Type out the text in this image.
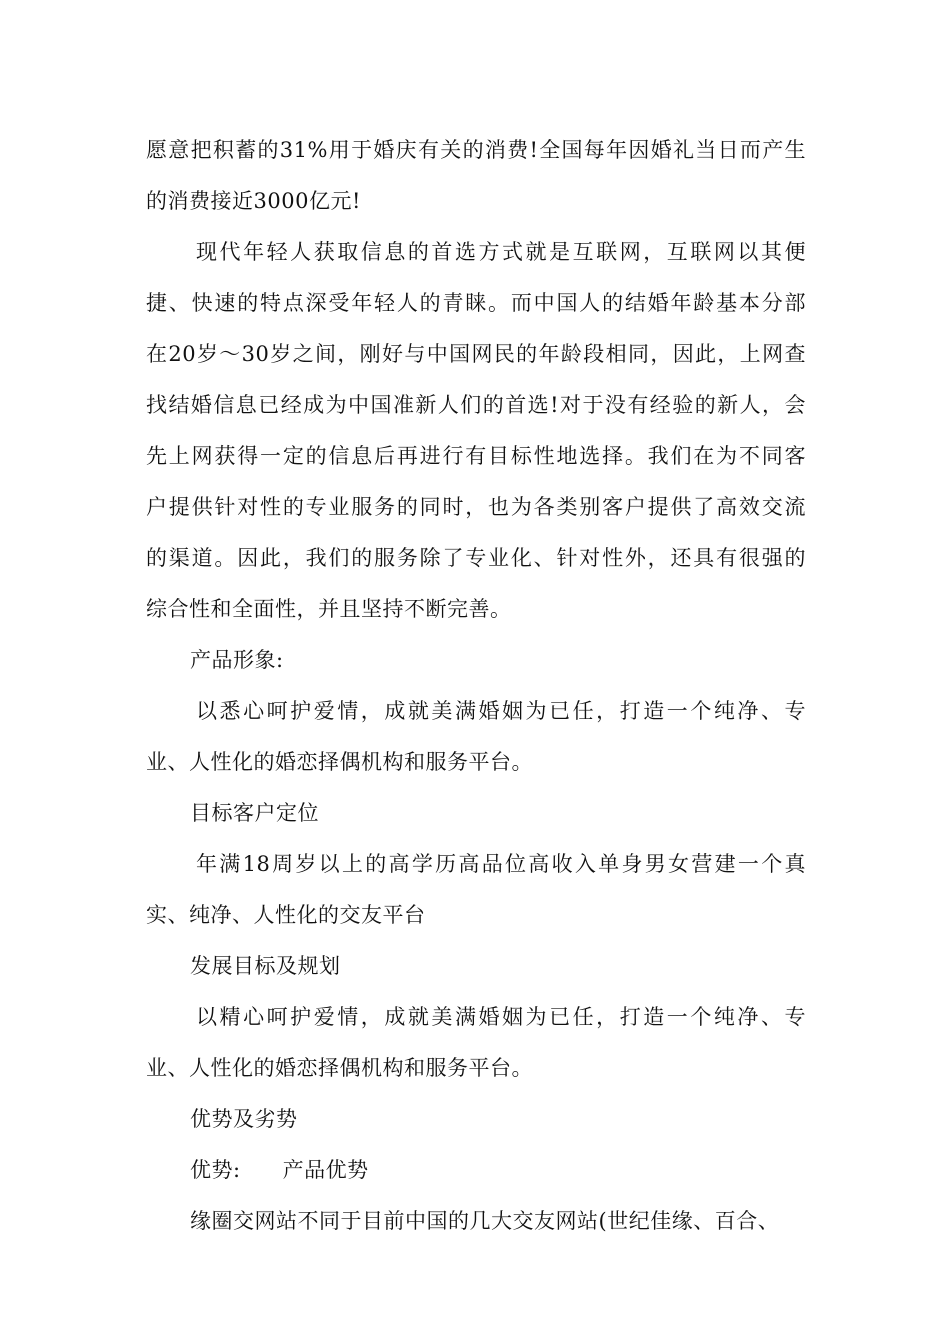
愿意把积蓄的31%用于婚庆有关的消费!全国每年因婚礼当日而产生
的消费接近3000亿元!
现代年轻人获取信息的首选方式就是互联网，互联网以其便
捷、快速的特点深受年轻人的青睐。而中国人的结婚年龄基本分部
在20岁～30岁之间，刚好与中国网民的年龄段相同，因此，上网查
找结婚信息已经成为中国准新人们的首选!对于没有经验的新人，会
先上网获得一定的信息后再进行有目标性地选择。我们在为不同客
户提供针对性的专业服务的同时，也为各类别客户提供了高效交流
的渠道。因此，我们的服务除了专业化、针对性外，还具有很强的
综合性和全面性，并且坚持不断完善。
产品形象:
以悉心呵护爱情，成就美满婚姻为已任，打造一个纯净、专
业、人性化的婚恋择偶机构和服务平台。
目标客户定位
年满18周岁以上的高学历高品位高收入单身男女营建一个真
实、纯净、人性化的交友平台
发展目标及规划
以精心呵护爱情，成就美满婚姻为已任，打造一个纯净、专
业、人性化的婚恋择偶机构和服务平台。
优势及劣势
优势: 产品优势
缘圈交网站不同于目前中国的几大交友网站(世纪佳缘、百合、
